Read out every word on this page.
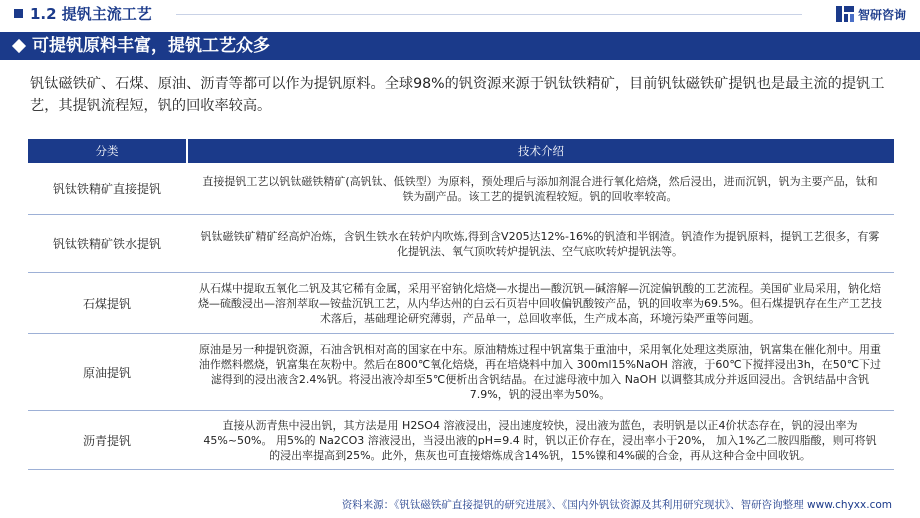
1.2 提钒主流工艺	智研咨询
可提钒原料丰富，提钒工艺众多
钒钛磁铁矿、石煤、原油、沥青等都可以作为提钒原料。全球98%的钒资源来源于钒钛铁精矿，目前钒钛磁铁矿提钒也是最主流的提钒工艺，其提钒流程短，钒的回收率较高。
分类	技术介绍
钒钛铁精矿直接提钒
直接提钒工艺以钒钛磁铁精矿(高钒钛、低铁型）为原料，预处理后与添加剂混合进行氧化焙烧，然后浸出，进而沉钒，钒为主要产品，钛和铁为副产品。该工艺的提钒流程较短。钒的回收率较高。
钒钛铁精矿铁水提钒
钒钛磁铁矿精矿经高炉冶炼，含钒生铁水在转炉内吹炼,得到含V205达12%-16%的钒渣和半钢渣。钒渣作为提钒原料，提钒工艺很多，有雾化提钒法、氧气顶吹转炉提钒法、空气底吹转炉提钒法等。
石煤提钒
从石煤中提取五氧化二钒及其它稀有金属，采用平窑钠化焙烧—水提出—酸沉钒—碱溶解—沉淀偏钒酸的工艺流程。美国矿业局采用，钠化焙烧—硫酸浸出—溶剂萃取—铵盐沉钒工艺，从内华达州的白云石页岩中回收偏钒酸铵产品，钒的回收率为69.5%。但石煤提钒存在生产工艺技术落后，基础理论研究薄弱，产品单一，总回收率低，生产成本高，环境污染严重等问题。
原油提钒
原油是另一种提钒资源，石油含钒相对高的国家在中东。原油精炼过程中钒富集于重油中，采用氧化处理这类原油，钒富集在催化剂中。用重油作燃料燃烧，钒富集在灰粉中。然后在800℃氧化焙烧，再在培烧料中加入 300ml15%NaOH 溶液，于60℃下搅拌浸出3h，在50℃下过滤得到的浸出液含2.4%钒。将浸出液冷却至5℃便析出含钒结晶。在过滤母液中加入 NaOH 以调整其成分并返回浸出。含钒结晶中含钒7.9%，钒的浸出率为50%。
沥青提钒
直接从沥青焦中浸出钒，其方法是用 H2SO4 溶液浸出，浸出速度较快，浸出液为蓝色，表明钒是以正4价状态存在，钒的浸出率为45%~50%。 用5%的 Na2CO3 溶液浸出，当浸出液的pH=9.4 时，钒以正价存在，浸出率小于20%， 加入1%乙二胺四脂酸，则可将钒的浸出率提高到25%。此外，焦灰也可直接熔炼成含14%钒，15%镍和4%碳的合金，再从这种合金中回收钒。
资料来源：《钒钛磁铁矿直接提钒的研究进展》、《国内外钒钛资源及其利用研究现状》、智研咨询整理 www.chyxx.com
